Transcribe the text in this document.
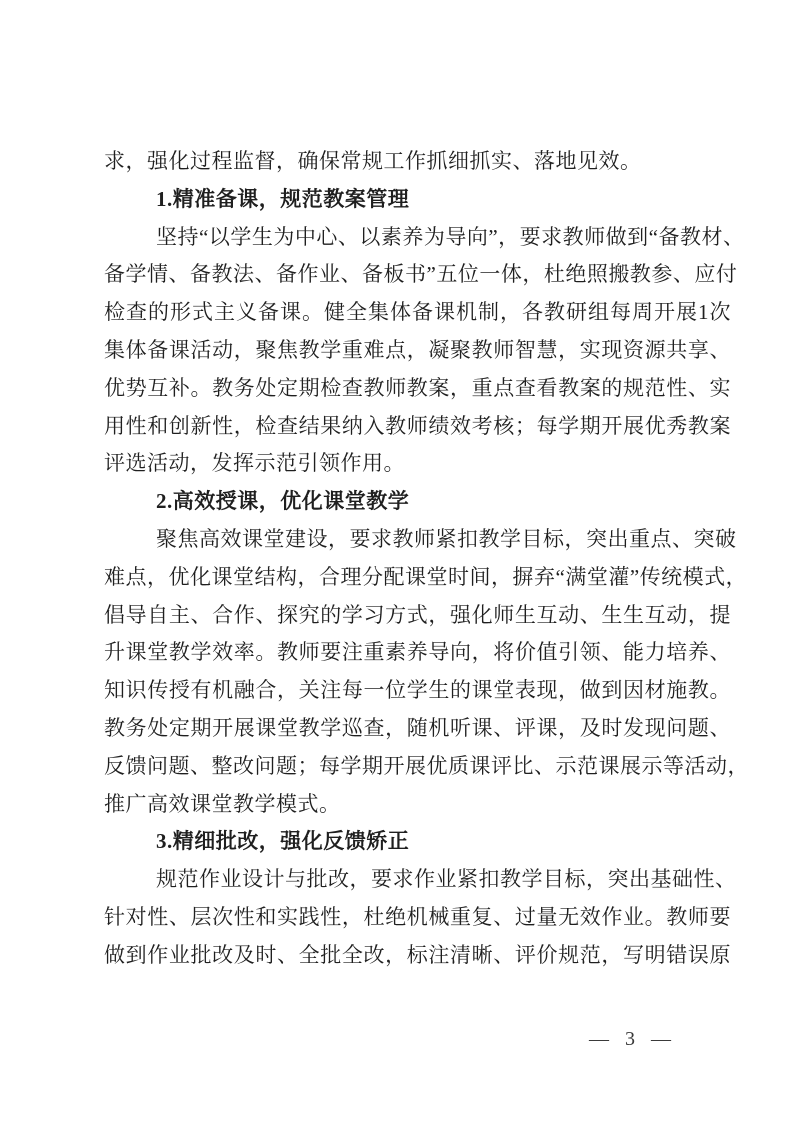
求，强化过程监督，确保常规工作抓细抓实、落地见效。
1.精准备课，规范教案管理
坚持“以学生为中心、以素养为导向”，要求教师做到“备教材、
备学情、备教法、备作业、备板书”五位一体，杜绝照搬教参、应付
检查的形式主义备课。健全集体备课机制，各教研组每周开展1次
集体备课活动，聚焦教学重难点，凝聚教师智慧，实现资源共享、
优势互补。教务处定期检查教师教案，重点查看教案的规范性、实
用性和创新性，检查结果纳入教师绩效考核；每学期开展优秀教案
评选活动，发挥示范引领作用。
2.高效授课，优化课堂教学
聚焦高效课堂建设，要求教师紧扣教学目标，突出重点、突破
难点，优化课堂结构，合理分配课堂时间，摒弃“满堂灌”传统模式，
倡导自主、合作、探究的学习方式，强化师生互动、生生互动，提
升课堂教学效率。教师要注重素养导向，将价值引领、能力培养、
知识传授有机融合，关注每一位学生的课堂表现，做到因材施教。
教务处定期开展课堂教学巡查，随机听课、评课，及时发现问题、
反馈问题、整改问题；每学期开展优质课评比、示范课展示等活动，
推广高效课堂教学模式。
3.精细批改，强化反馈矫正
规范作业设计与批改，要求作业紧扣教学目标，突出基础性、
针对性、层次性和实践性，杜绝机械重复、过量无效作业。教师要
做到作业批改及时、全批全改，标注清晰、评价规范，写明错误原
— 3 —
